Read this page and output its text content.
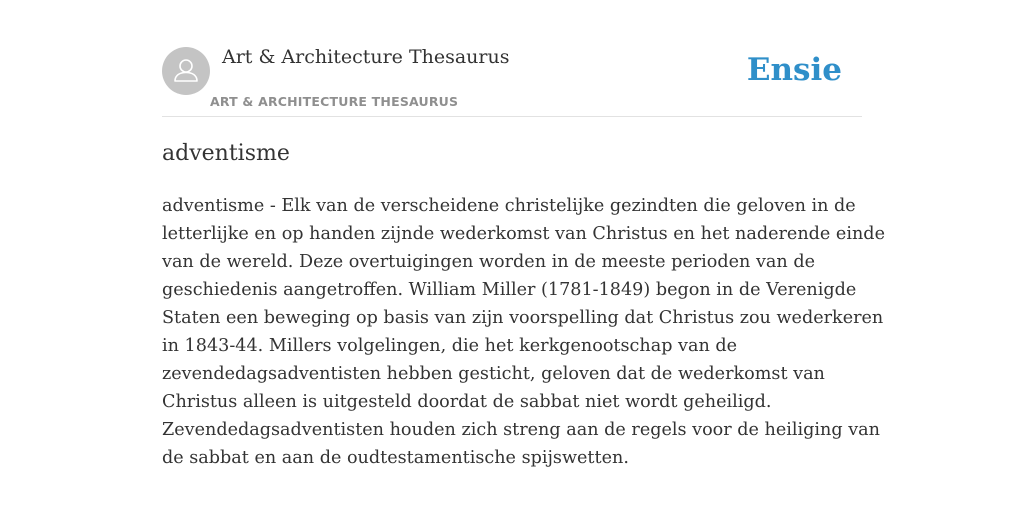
Art & Architecture Thesaurus
ART & ARCHITECTURE THESAURUS
Ensie
adventisme

adventisme - Elk van de verscheidene christelijke gezindten die geloven in de
letterlijke en op handen zijnde wederkomst van Christus en het naderende einde
van de wereld. Deze overtuigingen worden in de meeste perioden van de
geschiedenis aangetroffen. William Miller (1781-1849) begon in de Verenigde
Staten een beweging op basis van zijn voorspelling dat Christus zou wederkeren
in 1843-44. Millers volgelingen, die het kerkgenootschap van de
zevendedagsadventisten hebben gesticht, geloven dat de wederkomst van
Christus alleen is uitgesteld doordat de sabbat niet wordt geheiligd.
Zevendedagsadventisten houden zich streng aan de regels voor de heiliging van
de sabbat en aan de oudtestamentische spijswetten.
